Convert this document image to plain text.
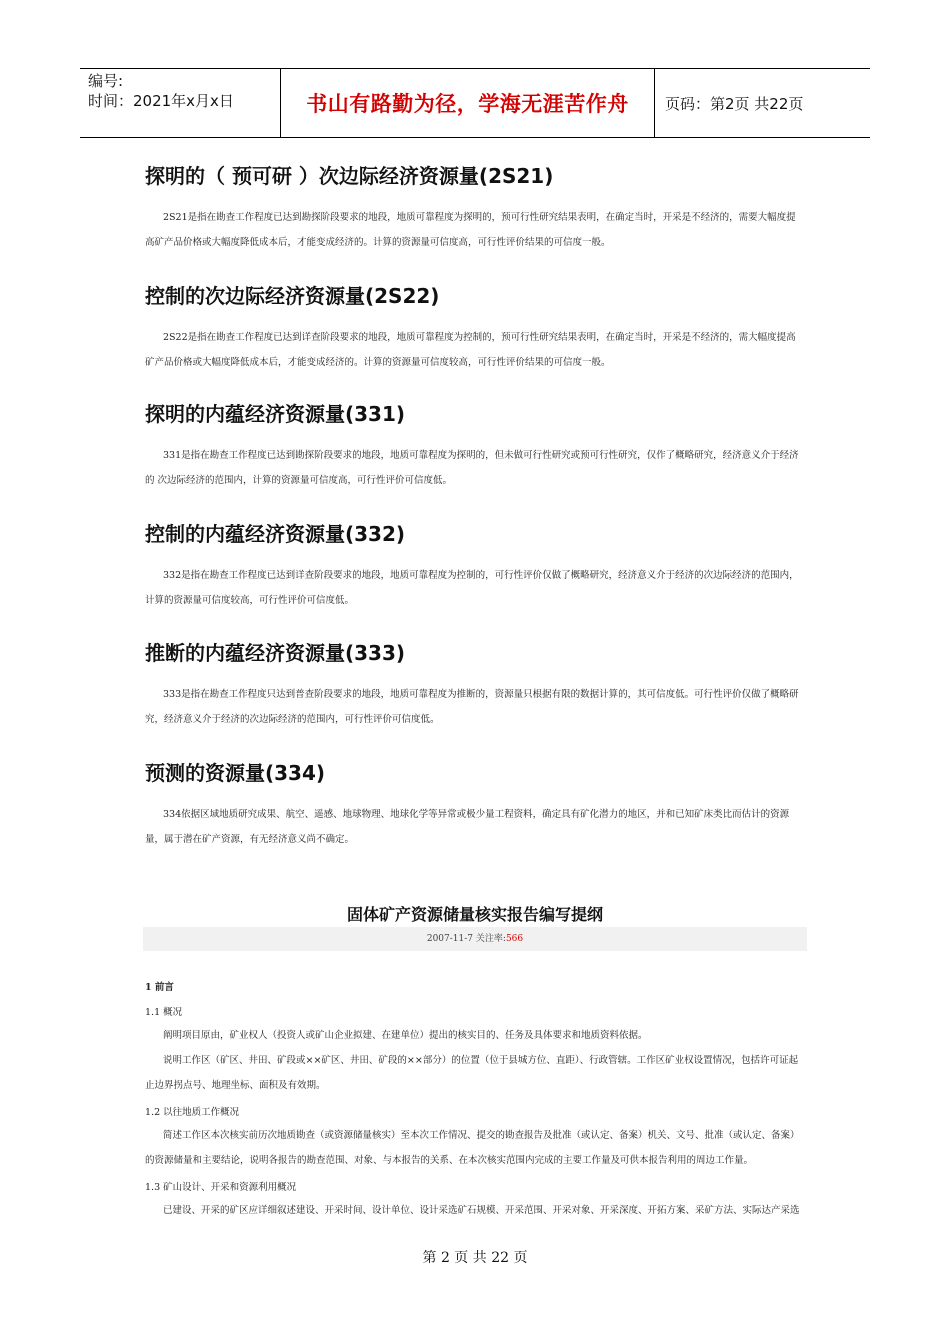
编号:
时间：2021年x月x日	书山有路勤为径，学海无涯苦作舟	页码：第2页 共22页
探明的（ 预可研 ）次边际经济资源量(2S21)
2S21是指在勘查工作程度已达到勘探阶段要求的地段，地质可靠程度为探明的，预可行性研究结果表明，在确定当时，开采是不经济的，需要大幅度提高矿产品价格或大幅度降低成本后，才能变成经济的。计算的资源量可信度高，可行性评价结果的可信度一般。
控制的次边际经济资源量(2S22)
2S22是指在勘查工作程度已达到详查阶段要求的地段，地质可靠程度为控制的，预可行性研究结果表明，在确定当时，开采是不经济的，需大幅度提高矿产品价格或大幅度降低成本后，才能变成经济的。计算的资源量可信度较高，可行性评价结果的可信度一般。
探明的内蕴经济资源量(331)
331是指在勘查工作程度已达到勘探阶段要求的地段，地质可靠程度为探明的，但未做可行性研究或预可行性研究，仅作了概略研究，经济意义介于经济的 次边际经济的范围内，计算的资源量可信度高，可行性评价可信度低。
控制的内蕴经济资源量(332)
332是指在勘查工作程度已达到详查阶段要求的地段，地质可靠程度为控制的，可行性评价仅做了概略研究，经济意义介于经济的次边际经济的范围内，计算的资源量可信度较高，可行性评价可信度低。
推断的内蕴经济资源量(333)
333是指在勘查工作程度只达到普查阶段要求的地段，地质可靠程度为推断的，资源量只根据有限的数据计算的，其可信度低。可行性评价仅做了概略研究，经济意义介于经济的次边际经济的范围内，可行性评价可信度低。
预测的资源量(334)
334依据区域地质研究成果、航空、遥感、地球物理、地球化学等异常或极少量工程资料，确定具有矿化潜力的地区，并和已知矿床类比而估计的资源量，属于潜在矿产资源，有无经济意义尚不确定。
固体矿产资源储量核实报告编写提纲
2007-11-7 关注率:566
1 前言
1.1 概况
阐明项目原由，矿业权人（投资人或矿山企业拟建、在建单位）提出的核实目的、任务及具体要求和地质资料依据。
说明工作区（矿区、井田、矿段或××矿区、井田、矿段的××部分）的位置（位于县城方位、直距）、行政管辖。工作区矿业权设置情况，包括许可证起止边界拐点号、地理坐标、面积及有效期。
1.2 以往地质工作概况
简述工作区本次核实前历次地质勘查（或资源储量核实）至本次工作情况、提交的勘查报告及批准（或认定、备案）机关、文号、批准（或认定、备案）的资源储量和主要结论，说明各报告的勘查范围、对象、与本报告的关系、在本次核实范围内完成的主要工作量及可供本报告利用的周边工作量。
1.3 矿山设计、开采和资源利用概况
已建设、开采的矿区应详细叙述建设、开采时间、设计单位、设计采选矿石规模、开采范围、开采对象、开采深度、开拓方案、采矿方法、实际达产采选
第 2 页 共 22 页
